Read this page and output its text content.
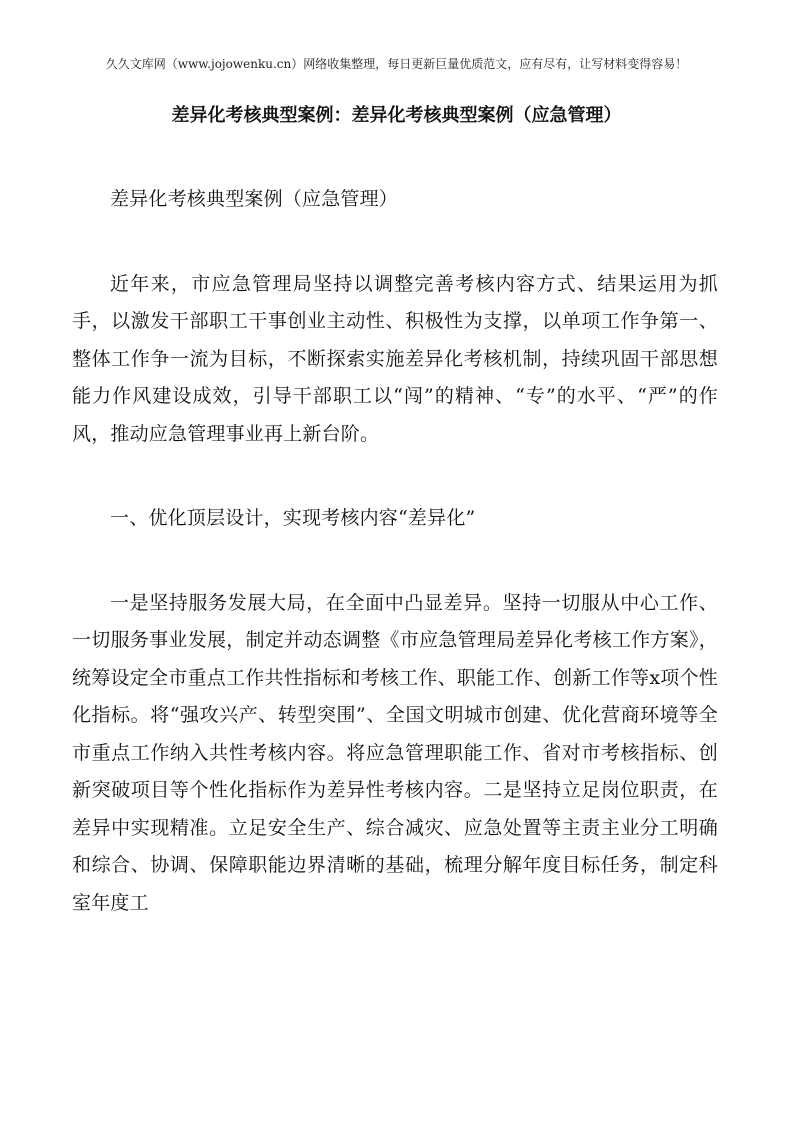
久久文库网（www.jojowenku.cn）网络收集整理，每日更新巨量优质范文，应有尽有，让写材料变得容易！
差异化考核典型案例：差异化考核典型案例（应急管理）

差异化考核典型案例（应急管理）

近年来，市应急管理局坚持以调整完善考核内容方式、结果运用为抓手，以激发干部职工干事创业主动性、积极性为支撑，以单项工作争第一、整体工作争一流为目标，不断探索实施差异化考核机制，持续巩固干部思想能力作风建设成效，引导干部职工以“闯”的精神、“专”的水平、“严”的作风，推动应急管理事业再上新台阶。

一、优化顶层设计，实现考核内容“差异化”

一是坚持服务发展大局，在全面中凸显差异。坚持一切服从中心工作、一切服务事业发展，制定并动态调整《市应急管理局差异化考核工作方案》，统筹设定全市重点工作共性指标和考核工作、职能工作、创新工作等x项个性化指标。将“强攻兴产、转型突围”、全国文明城市创建、优化营商环境等全市重点工作纳入共性考核内容。将应急管理职能工作、省对市考核指标、创新突破项目等个性化指标作为差异性考核内容。二是坚持立足岗位职责，在差异中实现精准。立足安全生产、综合减灾、应急处置等主责主业分工明确和综合、协调、保障职能边界清晰的基础，梳理分解年度目标任务，制定科室年度工
